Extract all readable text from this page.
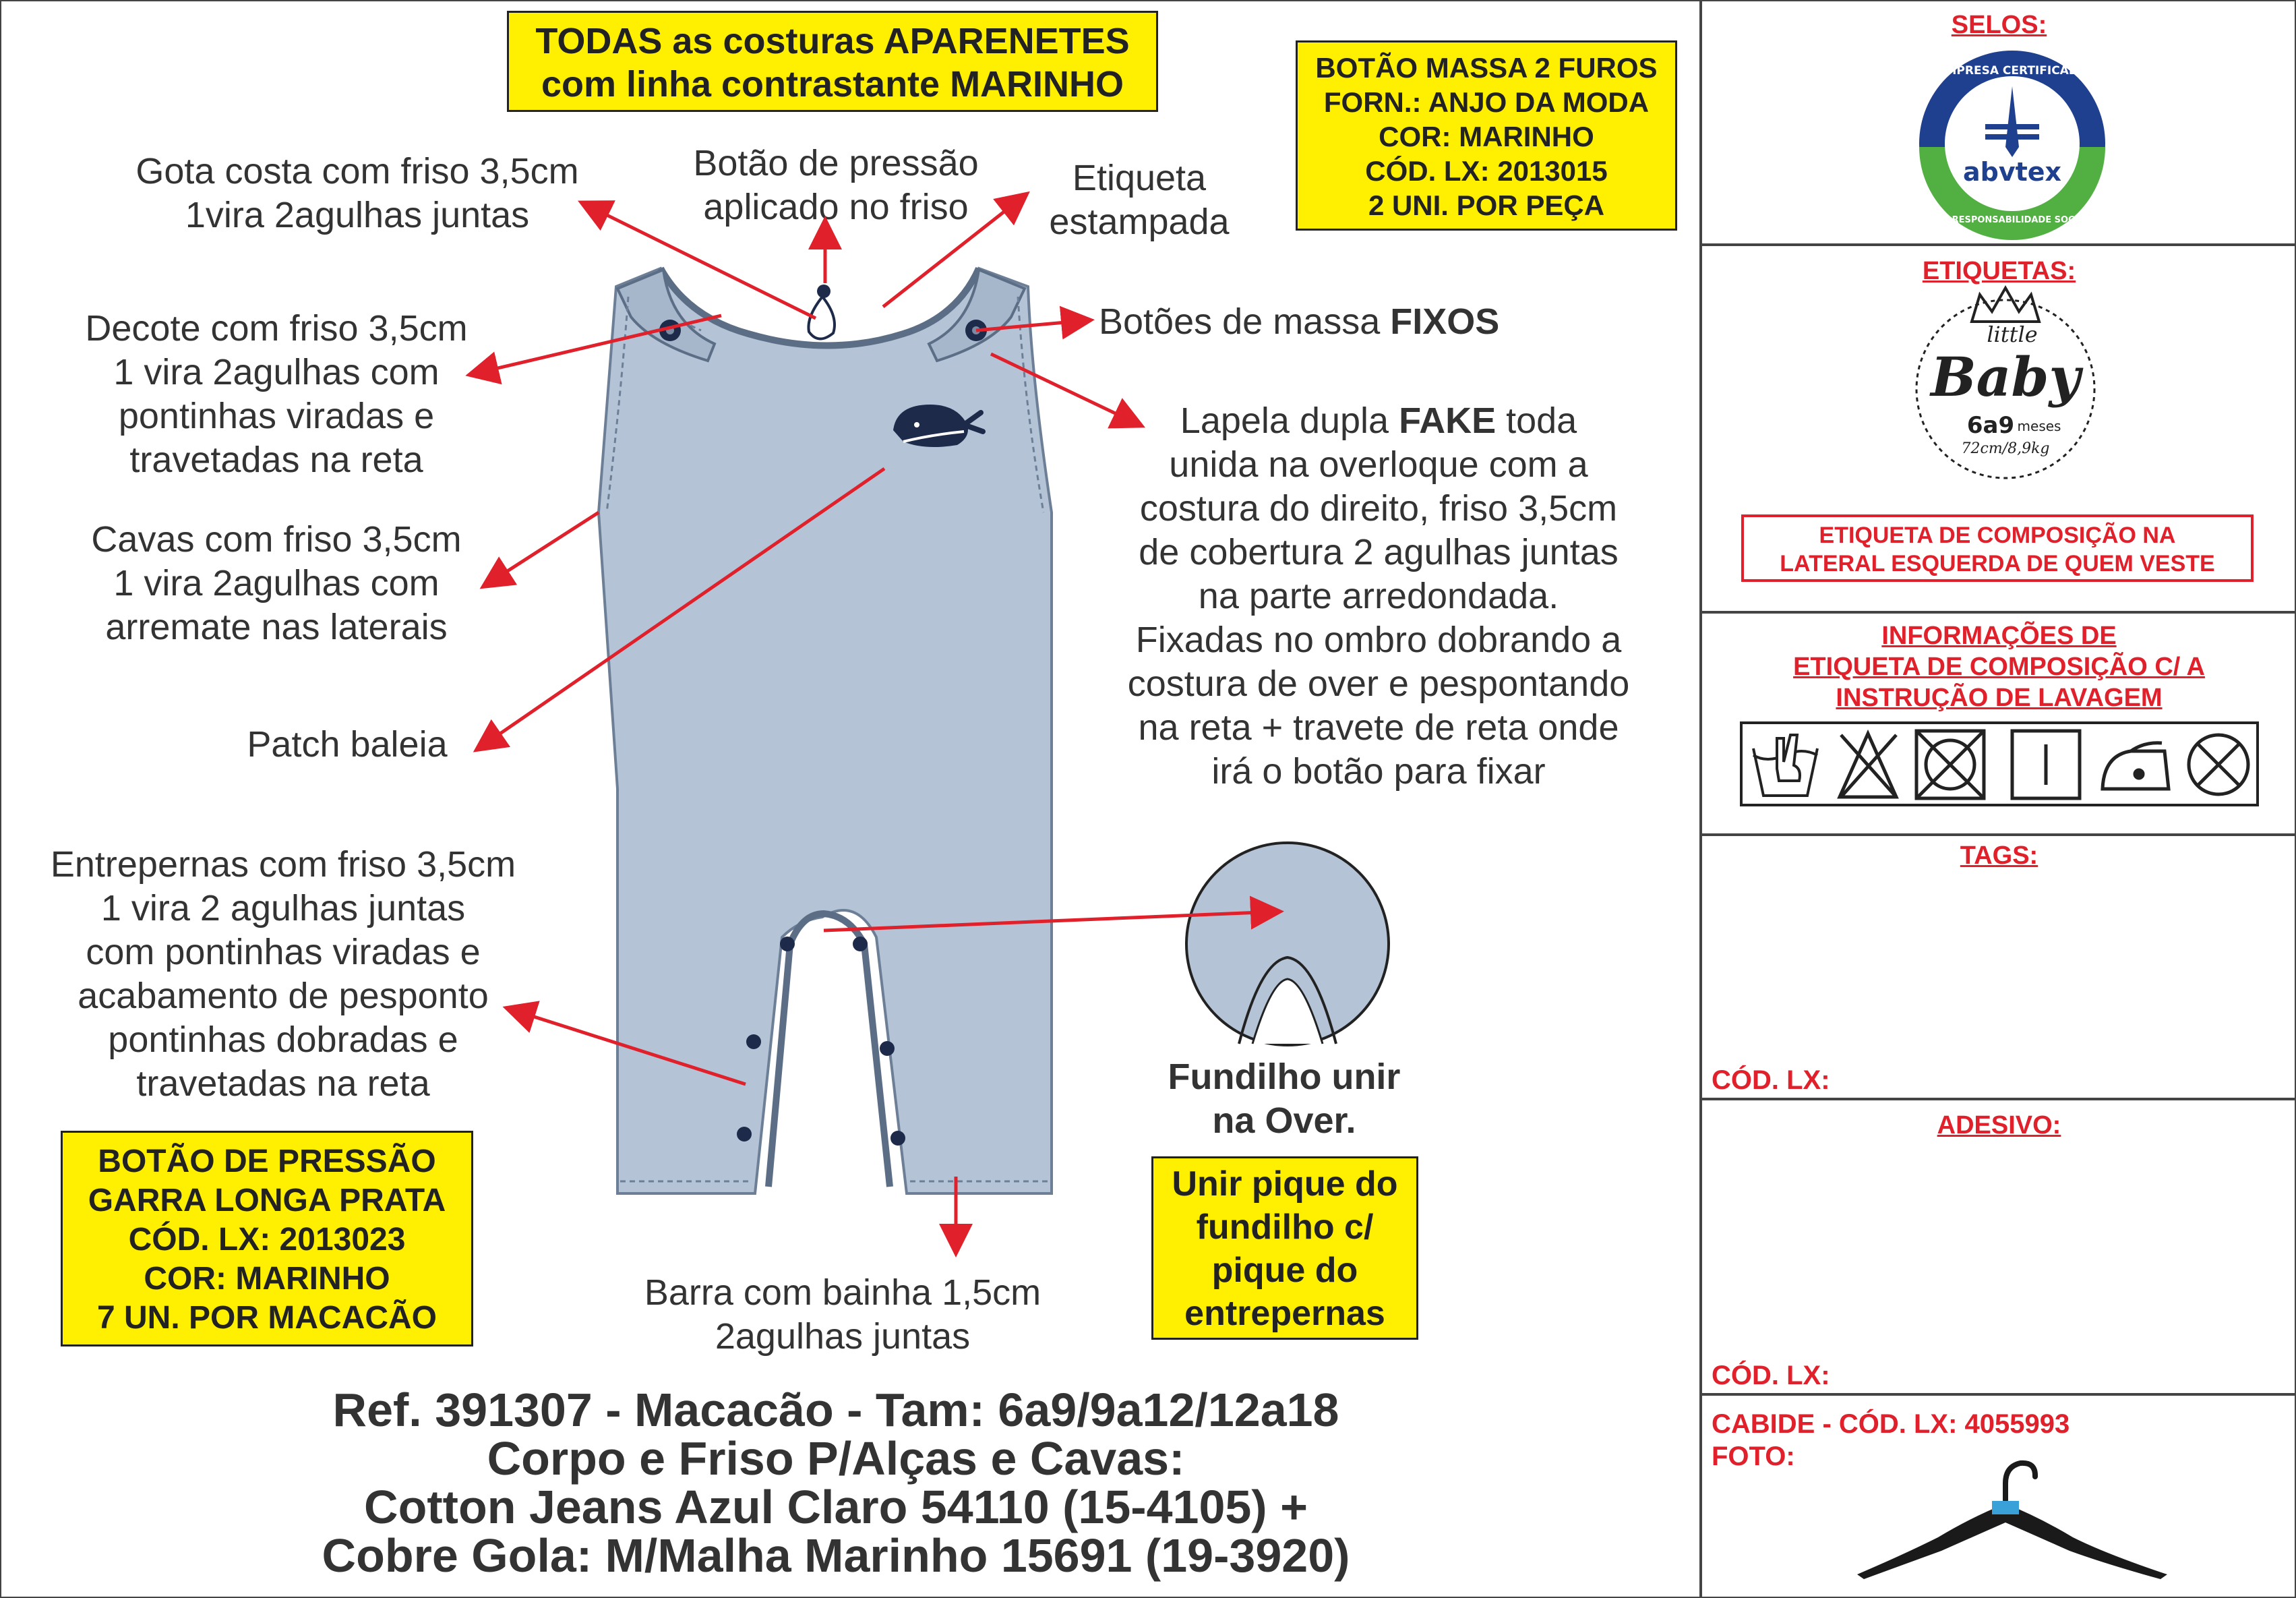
TODAS as costuras APARENETES
com linha contrastante MARINHO	BOTÃO MASSA 2 FUROS
FORN.: ANJO DA MODA
COR: MARINHO
CÓD. LX: 2013015
2 UNI. POR PEÇA
BOTÃO DE PRESSÃO
GARRA LONGA PRATA
CÓD. LX: 2013023
COR: MARINHO
7 UN. POR MACACÃO
Unir pique do
fundilho c/
pique do
entrepernas
Gota costa com friso 3,5cm
1vira 2agulhas juntas
Botão de pressão
aplicado no friso
Etiqueta
estampada
Decote com friso 3,5cm
1 vira 2agulhas com
pontinhas viradas e
travetadas na reta
Botões de massa FIXOS
Lapela dupla FAKE toda
unida na overloque com a
costura do direito, friso 3,5cm
de cobertura 2 agulhas juntas
na parte arredondada.
Fixadas no ombro dobrando a
costura de over e pespontando
na reta + travete de reta onde
irá o botão para fixar
Cavas com friso 3,5cm
1 vira 2agulhas com
arremate nas laterais
Patch baleia
Entrepernas com friso 3,5cm
1 vira 2 agulhas juntas
com pontinhas viradas e
acabamento de pesponto
pontinhas dobradas e
travetadas na reta	Fundilho unir
na Over.
Barra com bainha 1,5cm
2agulhas juntas
Ref. 391307 - Macacão - Tam: 6a9/9a12/12a18
Corpo e Friso P/Alças e Cavas:
Cotton Jeans Azul Claro 54110 (15-4105) +
Cobre Gola: M/Malha Marinho 15691 (19-3920)
SELOS:
abvtex
EMPRESA CERTIFICADA
EM RESPONSABILIDADE SOCIAL
ETIQUETAS:
little
Baby
6a9 meses
72cm/8,9kg
ETIQUETA DE COMPOSIÇÃO NA
LATERAL ESQUERDA DE QUEM VESTE
INFORMAÇÕES DE
ETIQUETA DE COMPOSIÇÃO C/ A
INSTRUÇÃO DE LAVAGEM
TAGS:
CÓD. LX:
ADESIVO:
CÓD. LX:
CABIDE - CÓD. LX: 4055993
FOTO:
